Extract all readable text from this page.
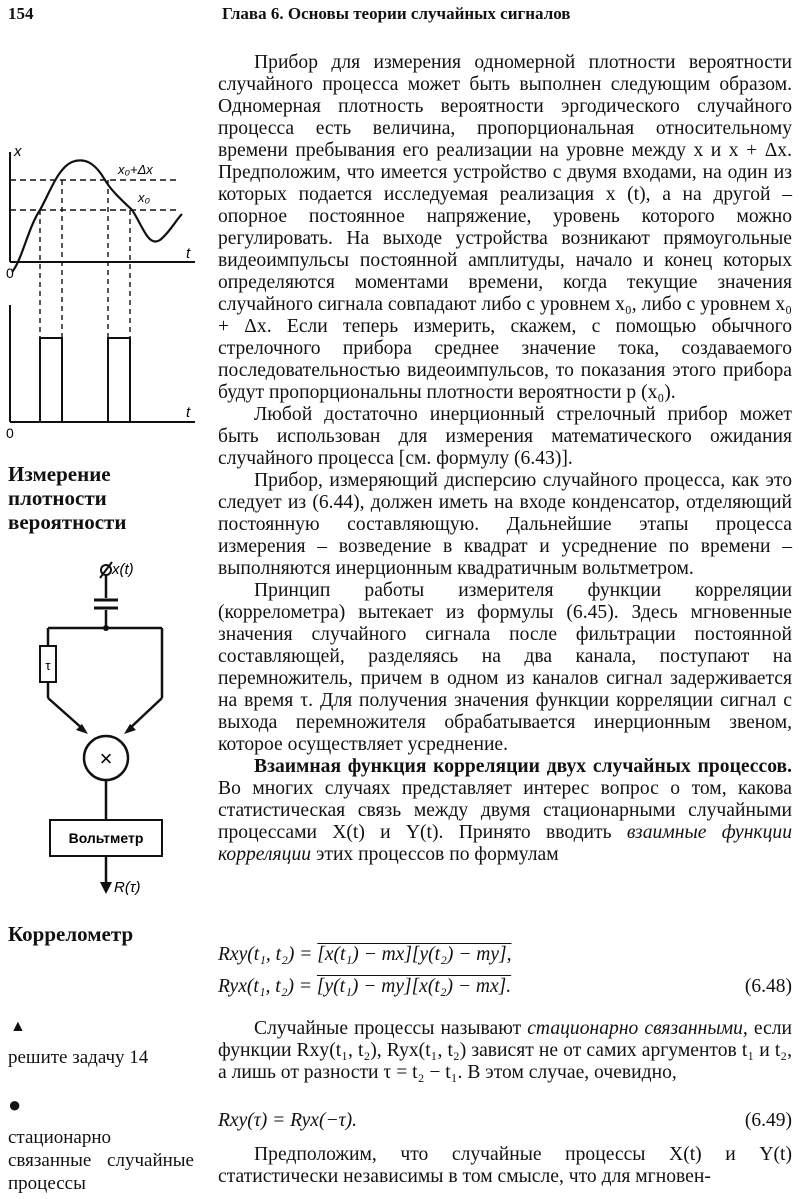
154	Глава 6. Основы теории случайных сигналов
x
t
0
x₀+Δx
x₀
t
0
Измерение плотности вероятности
x(t)
τ
×
Вольтметр
R(τ)
Коррелометр
▲
решите задачу 14
●
стационарно связанные случайные процессы

Прибор для измерения одномерной плотности вероятности случайного процесса может быть выполнен следующим образом. Одномерная плотность вероятности эргодического случайного процесса есть величина, пропорциональная относительному времени пребывания его реализации на уровне между x и x + Δx. Предположим, что имеется устройство с двумя входами, на один из которых подается исследуемая реализация x (t), а на другой – опорное постоянное напряжение, уровень которого можно регулировать. На выходе устройства возникают прямоугольные видеоимпульсы постоянной амплитуды, начало и конец которых определяются моментами времени, когда текущие значения случайного сигнала совпадают либо с уровнем x₀, либо с уровнем x₀ + Δx. Если теперь измерить, скажем, с помощью обычного стрелочного прибора среднее значение тока, создаваемого последовательностью видеоимпульсов, то показания этого прибора будут пропорциональны плотности вероятности p (x₀).

Любой достаточно инерционный стрелочный прибор может быть использован для измерения математического ожидания случайного процесса [см. формулу (6.43)].

Прибор, измеряющий дисперсию случайного процесса, как это следует из (6.44), должен иметь на входе конденсатор, отделяющий постоянную составляющую. Дальнейшие этапы процесса измерения – возведение в квадрат и усреднение по времени – выполняются инерционным квадратичным вольтметром.

Принцип работы измерителя функции корреляции (коррелометра) вытекает из формулы (6.45). Здесь мгновенные значения случайного сигнала после фильтрации постоянной составляющей, разделяясь на два канала, поступают на перемножитель, причем в одном из каналов сигнал задерживается на время τ. Для получения значения функции корреляции сигнал с выхода перемножителя обрабатывается инерционным звеном, которое осуществляет усреднение.

Взаимная функция корреляции двух случайных процессов. Во многих случаях представляет интерес вопрос о том, какова статистическая связь между двумя стационарными случайными процессами X(t) и Y(t). Принято вводить взаимные функции корреляции этих процессов по формулам

Rxy(t₁, t₂) = [x(t₁) − mx][y(t₂) − my],
Ryx(t₁, t₂) = [y(t₁) − my][x(t₂) − mx].	(6.48)

Случайные процессы называют стационарно связанными, если функции Rxy(t₁, t₂), Ryx(t₁, t₂) зависят не от самих аргументов t₁ и t₂, а лишь от разности τ = t₂ − t₁. В этом случае, очевидно,

Rxy(τ) = Ryx(−τ).	(6.49)

Предположим, что случайные процессы X(t) и Y(t) статистически независимы в том смысле, что для мгновен-
